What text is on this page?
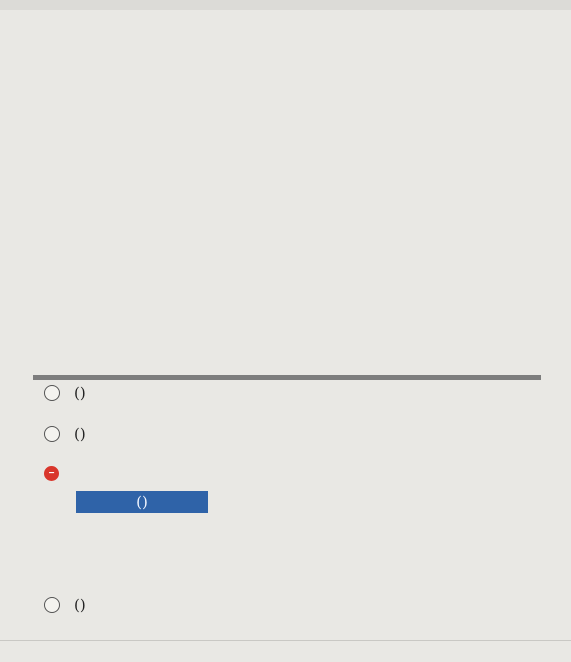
( )
( )
−
(
)
( )
